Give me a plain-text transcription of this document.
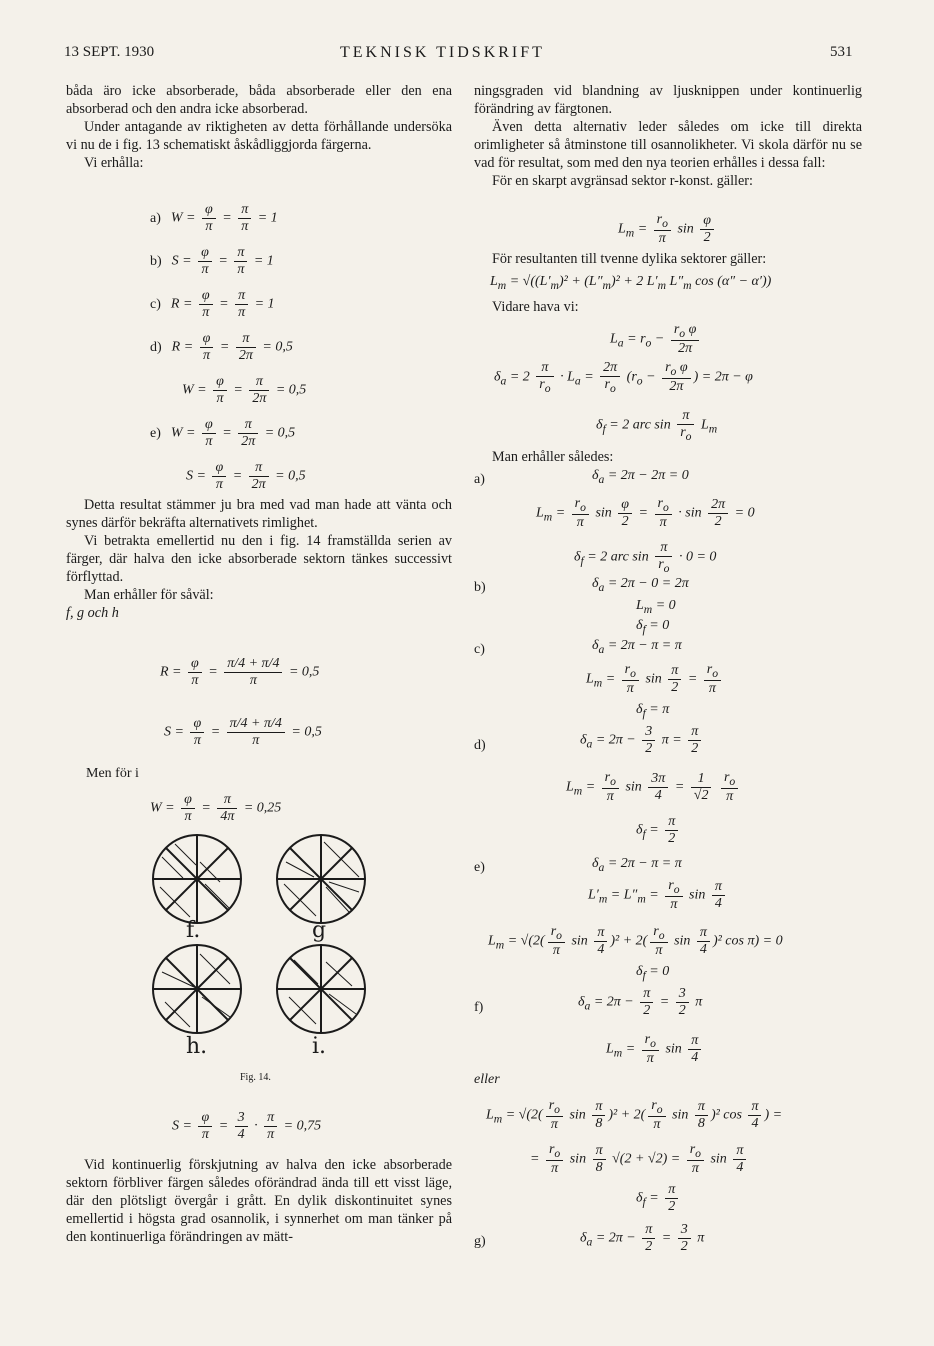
13 SEPT. 1930	TEKNISK TIDSKRIFT	531

båda äro icke absorberade, båda absorberade eller den ena absorberad och den andra icke absorberad.

Under antagande av riktigheten av detta förhållande undersöka vi nu de i fig. 13 schematiskt åskådliggjorda färgerna.

Vi erhålla:

a) $W = \frac{\varphi}{\pi} = \frac{\pi}{\pi} = 1$
b) $S = \frac{\varphi}{\pi} = \frac{\pi}{\pi} = 1$
c) $R = \frac{\varphi}{\pi} = \frac{\pi}{\pi} = 1$
d) $R = \frac{\varphi}{\pi} = \frac{\pi}{2\pi} = 0,5$
$W = \frac{\varphi}{\pi} = \frac{\pi}{2\pi} = 0,5$
e) $W = \frac{\varphi}{\pi} = \frac{\pi}{2\pi} = 0,5$
$S = \frac{\varphi}{\pi} = \frac{\pi}{2\pi} = 0,5$

Detta resultat stämmer ju bra med vad man hade att vänta och synes därför bekräfta alternativets rimlighet.

Vi betrakta emellertid nu den i fig. 14 framställda serien av färger, där halva den icke absorberade sektorn tänkes successivt förflyttad.

Man erhåller för såväl:

f, g och h

$R = \frac{\varphi}{\pi} = \frac{\pi/4 + \pi/4}{\pi} = 0,5$
$S = \frac{\varphi}{\pi} = \frac{\pi/4 + \pi/4}{\pi} = 0,5$
Men för i
$W = \frac{\varphi}{\pi} = \frac{\pi}{4\pi} = 0,25$
f.	g
h.	i.
Fig. 14.
$S = \frac{\varphi}{\pi} = \frac{3}{4} \cdot \frac{\pi}{\pi} = 0,75$

Vid kontinuerlig förskjutning av halva den icke absorberade sektorn förbliver färgen således oförändrad ända till ett visst läge, där den plötsligt övergår i grått. En dylik diskontinuitet synes emellertid i högsta grad osannolik, i synnerhet om man tänker på den kontinuerliga förändringen av mätt-

ningsgraden vid blandning av ljusknippen under kontinuerlig förändring av färgtonen.

Även detta alternativ leder således om icke till direkta orimligheter så åtminstone till osannolikheter. Vi skola därför nu se vad för resultat, som med den nya teorien erhålles i dessa fall:

För en skarpt avgränsad sektor r-konst. gäller:

$L_m = \frac{r_o}{\pi}$ $\sin \frac{\varphi}{2}$

För resultanten till tvenne dylika sektorer gäller:

$L_m = √((L'_m)^2 + (L''_m)^2 + 2$ $L'_m$ $L''_m$ cos (α″ − α′))

Vidare hava vi:

$L_a = r_o - \frac{r_o \varphi}{2\pi}$
$\delta_a = 2 \frac{\pi}{r_o} \cdot L_a = \frac{2\pi}{r_o} (r_o - \frac{r_o \varphi}{2\pi}$ ) = 2π − φ
$\delta_f = 2$ arc $\sin \frac{\pi}{r_o} L_m$

Man erhåller således:

a)	$\delta_a = 2\pi - 2\pi = 0$
$L_m = \frac{r_o}{\pi}$ $\sin \frac{\varphi}{2} = \frac{r_o}{\pi} \cdot \sin \frac{2\pi}{2} = 0$
$\delta_f = 2$ arc $\sin \frac{\pi}{r_o} \cdot 0 = 0$
b)	$\delta_a = 2\pi - 0 = 2\pi$
$L_m = 0$
$\delta_f = 0$
c)	$\delta_a = 2\pi - \pi = \pi$
$L_m = \frac{r_o}{\pi}$ $\sin \frac{\pi}{2} = \frac{r_o}{\pi}$
$\delta_f = \pi$
d)	$\delta_a = 2\pi - \frac{3}{2}$ $\pi = \frac{\pi}{2}$
$L_m = \frac{r_o}{\pi}$ $\sin \frac{3\pi}{4} = \frac{1}{√2}$
$\frac{r_o}{\pi}$
$\delta_f = \frac{\pi}{2}$
e)	$\delta_a = 2\pi - \pi = \pi$
$L'_m = L''_m = \frac{r_o}{\pi}$ $\sin \frac{\pi}{4}$
$L_m = √(2( \frac{r_o}{\pi}$ $\sin \frac{\pi}{4} )^2 + 2( \frac{r_o}{\pi}$ $\sin \frac{\pi}{4} )^2$ cos π) = 0
$\delta_f = 0$
f)	$\delta_a = 2\pi - \frac{\pi}{2} = \frac{3}{2}$ π
$L_m = \frac{r_o}{\pi}$ $\sin \frac{\pi}{4}$
eller
$L_m = √(2( \frac{r_o}{\pi}$ $\sin \frac{\pi}{8} )^2 + 2( \frac{r_o}{\pi}$ $\sin \frac{\pi}{8} )^2$ $\cos \frac{\pi}{4}$ ) =
= $\frac{r_o}{\pi}$ $\sin \frac{\pi}{8} √(2 + √2) = \frac{r_o}{\pi}$ $\sin \frac{\pi}{4}$
$\delta_f = \frac{\pi}{2}$
g)	$\delta_a = 2\pi - \frac{\pi}{2} = \frac{3}{2}$ π
